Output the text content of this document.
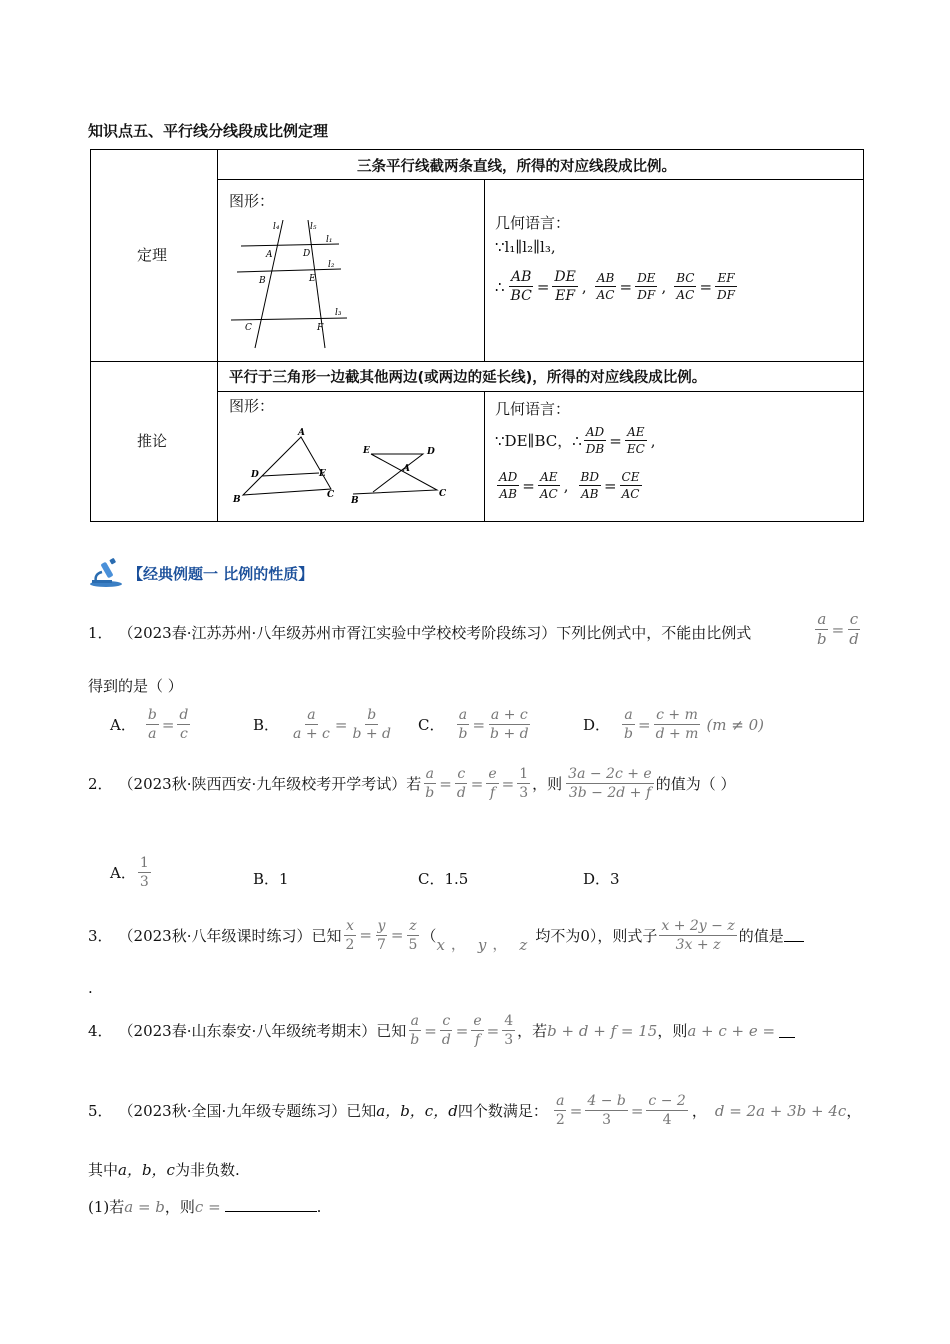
知识点五、平行线分线段成比例定理
定理
三条平行线截两条直线，所得的对应线段成比例。
图形：
l₄	l₅
l₁
l₂
l₃
A	D
B	E
C	F
几何语言：
∵l₁∥l₂∥l₃,
∴ $\frac{AB}{BC} = \frac{DE}{EF}$ , $\frac{AB}{AC} = \frac{DE}{DF}$ , $\frac{BC}{AC} = \frac{EF}{DF}$
推论
平行于三角形一边截其他两边(或两边的延长线)，所得的对应线段成比例。
图形：
A
D	E
B	C
E	D
A
B
C
几何语言：
∵DE∥BC，∴ $\frac{AD}{DB} = \frac{AE}{EC}$ ,
$\frac{AD}{AB} = \frac{AE}{AC}$ , $\frac{BD}{AB} = \frac{CE}{AC}$
【经典例题一 比例的性质】
1． （2023春·江苏苏州·八年级苏州市胥江实验中学校校考阶段练习） 下列比例式中，不能由比例式	$\frac{a}{b} = \frac{c}{d}$
得到的是（ ）
A． $\frac{b}{a} = \frac{d}{c}$	B． $\frac{a}{a + c} = \frac{b}{b + d}$ C． $\frac{a}{b} = \frac{a + c}{b + d}$	D． $\frac{a}{b} = \frac{c + m}{d + m} (m \ne 0)$
2． （2023秋·陕西西安·九年级校考开学考试）若 $\frac{a}{b} = \frac{c}{d} = \frac{e}{f} = \frac{1}{3}$ ，则 $\frac{3a - 2c + e}{3b - 2d + f}$ 的值为（ ）
A． $\frac{1}{3}$	B．1	C．1.5	D．3
3． （2023秋·八年级课时练习）已知 $\frac{x}{2} = \frac{y}{7} = \frac{z}{5}$ （
x ， y ， z
均不为0），则式子 $\frac{x + 2y - z}{3x + z}$ 的值是
.
4． （2023春·山东泰安·八年级统考期末）已知 $\frac{a}{b} = \frac{c}{d} = \frac{e}{f} = \frac{4}{3}$ ，若 b + d + f = 15 ，则 a + c + e =
5． （2023秋·全国·九年级专题练习）已知 a，b，c，d 四个数满足： $\frac{a}{2} = \frac{4 - b}{3} = \frac{c - 2}{4}$ ， d = 2a + 3b + 4c ，
其中a，b，c为非负数.
(1)若 a = b ，则 c =	.
